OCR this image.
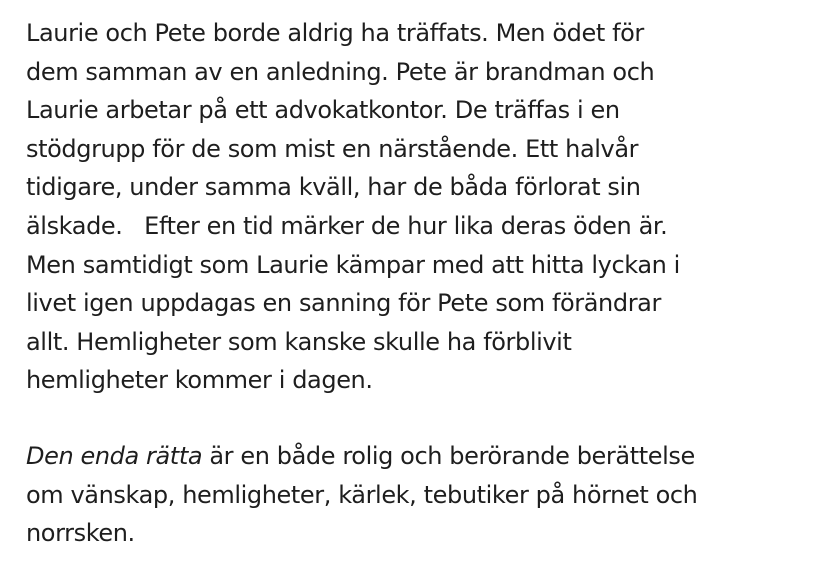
Laurie och Pete borde aldrig ha träffats. Men ödet för
dem samman av en anledning. Pete är brandman och
Laurie arbetar på ett advokatkontor. De träffas i en
stödgrupp för de som mist en närstående. Ett halvår
tidigare, under samma kväll, har de båda förlorat sin
älskade.   Efter en tid märker de hur lika deras öden är.
Men samtidigt som Laurie kämpar med att hitta lyckan i
livet igen uppdagas en sanning för Pete som förändrar
allt. Hemligheter som kanske skulle ha förblivit
hemligheter kommer i dagen.

Den enda rätta är en både rolig och berörande berättelse
om vänskap, hemligheter, kärlek, tebutiker på hörnet och
norrsken.
